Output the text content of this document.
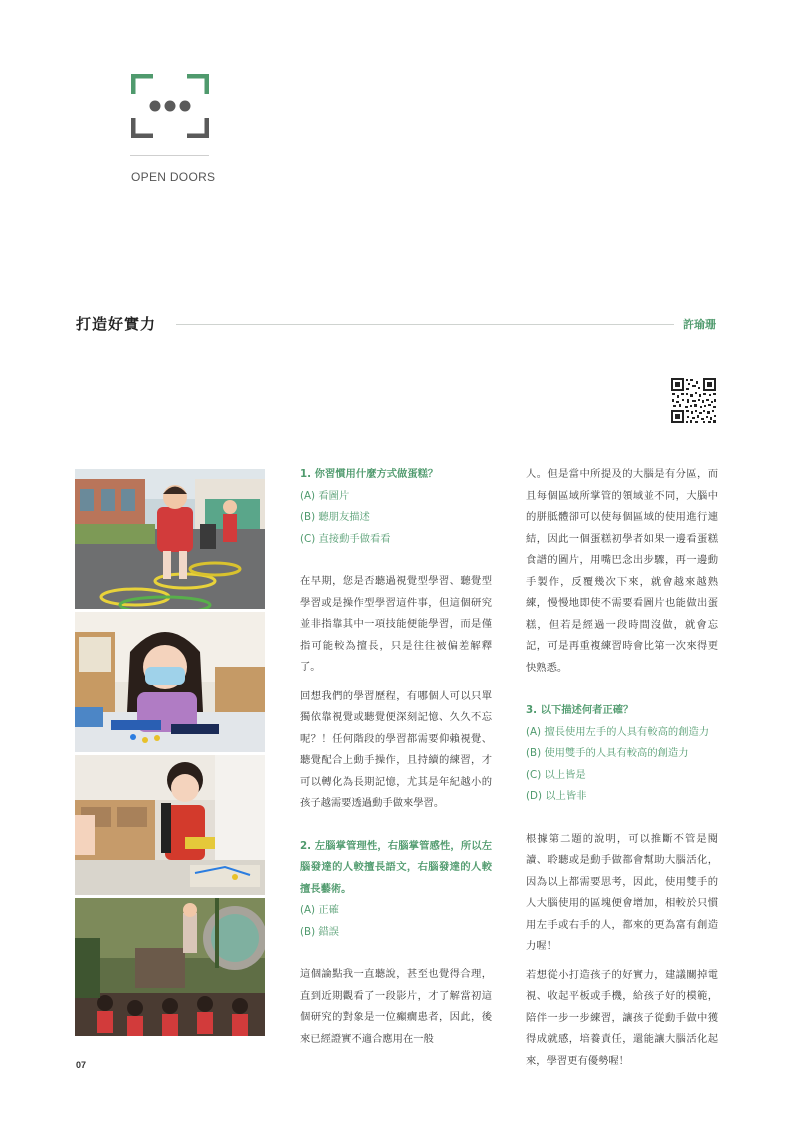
OPEN DOORS
打造好實力	許瑜珊

1. 你習慣用什麼方式做蛋糕？

(A) 看圖片

(B) 聽朋友描述

(C) 直接動手做看看

在早期，您是否聽過視覺型學習、聽覺型學習或是操作型學習這件事，但這個研究並非指靠其中一項技能便能學習，而是僅指可能較為擅長，只是往往被偏差解釋了。

回想我們的學習歷程，有哪個人可以只單獨依靠視覺或聽覺便深刻記憶、久久不忘呢？！任何階段的學習都需要仰賴視覺、聽覺配合上動手操作，且持續的練習，才可以轉化為長期記憶，尤其是年紀越小的孩子越需要透過動手做來學習。

2. 左腦掌管理性，右腦掌管感性，所以左腦發達的人較擅長語文，右腦發達的人較擅長藝術。

(A) 正確

(B) 錯誤

這個論點我一直聽說，甚至也覺得合理，直到近期觀看了一段影片，才了解當初這個研究的對象是一位癲癇患者，因此，後來已經證實不適合應用在一般

人。但是當中所提及的大腦是有分區，而且每個區域所掌管的領域並不同，大腦中的胼胝體卻可以使每個區域的使用進行連結，因此一個蛋糕初學者如果一邊看蛋糕食譜的圖片，用嘴巴念出步驟，再一邊動手製作，反覆幾次下來，就會越來越熟練，慢慢地即使不需要看圖片也能做出蛋糕，但若是經過一段時間沒做，就會忘記，可是再重複練習時會比第一次來得更快熟悉。

3. 以下描述何者正確？

(A) 擅長使用左手的人具有較高的創造力

(B) 使用雙手的人具有較高的創造力

(C) 以上皆是

(D) 以上皆非

根據第二題的說明，可以推斷不管是閱讀、聆聽或是動手做都會幫助大腦活化，因為以上都需要思考，因此，使用雙手的人大腦使用的區塊便會增加，相較於只慣用左手或右手的人，都來的更為富有創造力喔！

若想從小打造孩子的好實力，建議關掉電視、收起平板或手機，給孩子好的模範，陪伴一步一步練習，讓孩子從動手做中獲得成就感，培養責任，還能讓大腦活化起來，學習更有優勢喔！

07
